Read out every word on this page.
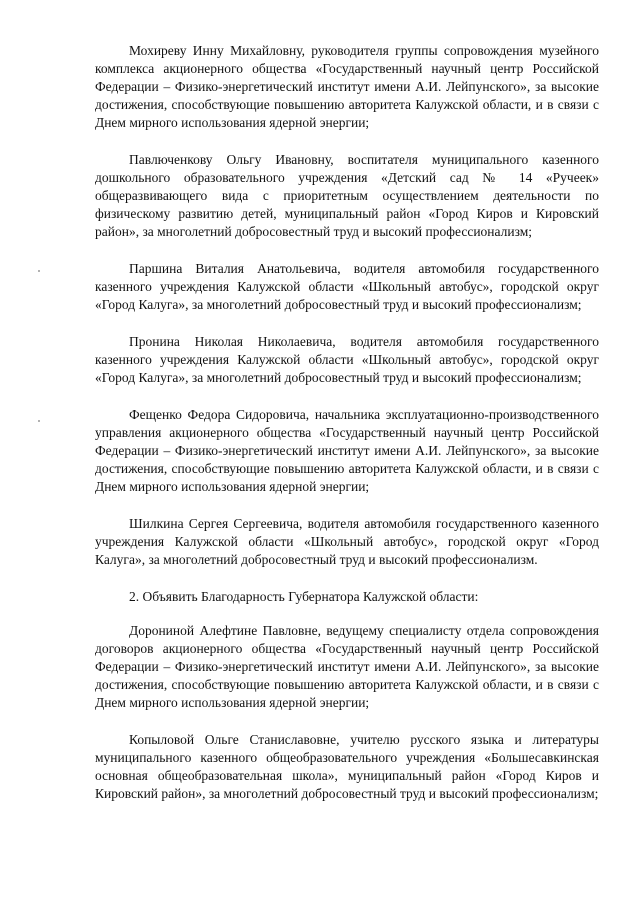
Мохиреву Инну Михайловну, руководителя группы сопровождения музейного комплекса акционерного общества «Государственный научный центр Российской Федерации – Физико-энергетический институт имени А.И. Лейпунского», за высокие достижения, способствующие повышению авторитета Калужской области, и в связи с Днем мирного использования ядерной энергии;

Павлюченкову Ольгу Ивановну, воспитателя муниципального казенного дошкольного образовательного учреждения «Детский сад № 14 «Ручеек» общеразвивающего вида с приоритетным осуществлением деятельности по физическому развитию детей, муниципальный район «Город Киров и Кировский район», за многолетний добросовестный труд и высокий профессионализм;

Паршина Виталия Анатольевича, водителя автомобиля государственного казенного учреждения Калужской области «Школьный автобус», городской округ «Город Калуга», за многолетний добросовестный труд и высокий профессионализм;

Пронина Николая Николаевича, водителя автомобиля государственного казенного учреждения Калужской области «Школьный автобус», городской округ «Город Калуга», за многолетний добросовестный труд и высокий профессионализм;

Фещенко Федора Сидоровича, начальника эксплуатационно-производственного управления акционерного общества «Государственный научный центр Российской Федерации – Физико-энергетический институт имени А.И. Лейпунского», за высокие достижения, способствующие повышению авторитета Калужской области, и в связи с Днем мирного использования ядерной энергии;

Шилкина Сергея Сергеевича, водителя автомобиля государственного казенного учреждения Калужской области «Школьный автобус», городской округ «Город Калуга», за многолетний добросовестный труд и высокий профессионализм.

2. Объявить Благодарность Губернатора Калужской области:

Дорониной Алефтине Павловне, ведущему специалисту отдела сопровождения договоров акционерного общества «Государственный научный центр Российской Федерации – Физико-энергетический институт имени А.И. Лейпунского», за высокие достижения, способствующие повышению авторитета Калужской области, и в связи с Днем мирного использования ядерной энергии;

Копыловой Ольге Станиславовне, учителю русского языка и литературы муниципального казенного общеобразовательного учреждения «Большесавкинская основная общеобразовательная школа», муниципальный район «Город Киров и Кировский район», за многолетний добросовестный труд и высокий профессионализм;
